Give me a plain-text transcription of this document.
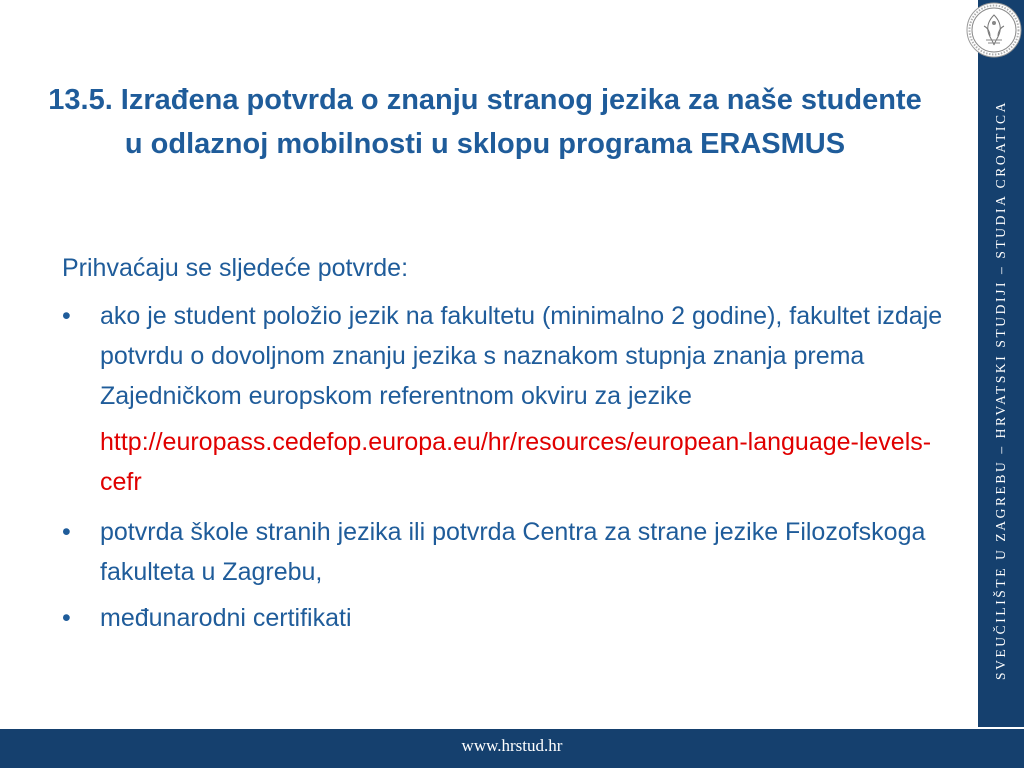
SVEUČILIŠTE U ZAGREBU – HRVATSKI STUDIJI – STUDIA CROATICA
13.5. Izrađena potvrda o znanju stranog jezika za naše studente u odlaznoj mobilnosti u sklopu programa ERASMUS
Prihvaćaju se sljedeće potvrde:
•	ako je student položio jezik na fakultetu (minimalno 2 godine), fakultet izdaje potvrdu o dovoljnom znanju jezika s naznakom stupnja znanja prema Zajedničkom europskom referentnom okviru za jezike
http://europass.cedefop.europa.eu/hr/resources/european-language-levels-cefr
•	potvrda škole stranih jezika ili potvrda Centra za strane jezike Filozofskoga fakulteta u Zagrebu,
•	međunarodni certifikati
www.hrstud.hr
